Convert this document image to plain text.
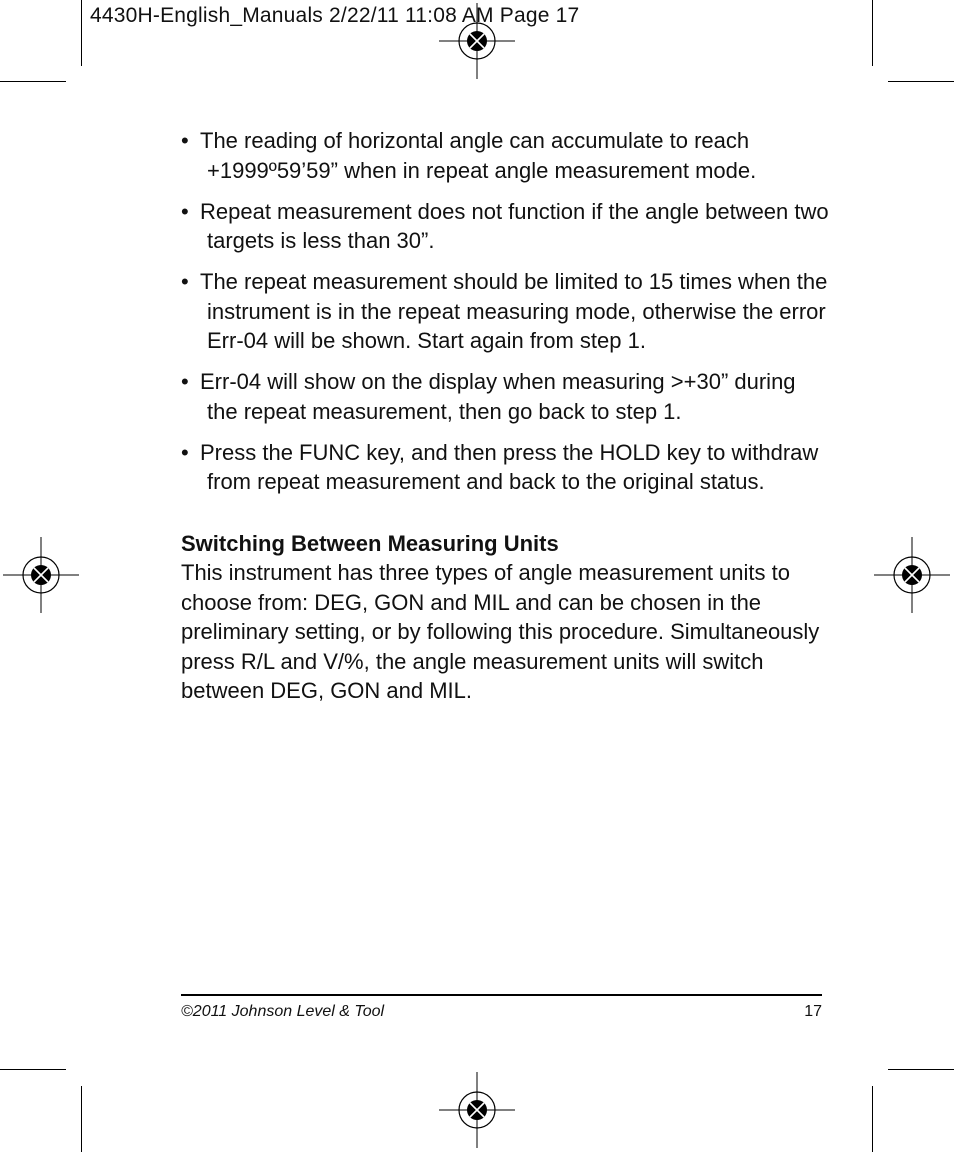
4430H-English_Manuals 2/22/11 11:08 AM Page 17
• The reading of horizontal angle can accumulate to reach +1999º59’59” when in repeat angle measurement mode.
• Repeat measurement does not function if the angle between two targets is less than 30”.
• The repeat measurement should be limited to 15 times when the instrument is in the repeat measuring mode, otherwise the error Err-04 will be shown. Start again from step 1.
• Err-04 will show on the display when measuring >+30” during the repeat measurement, then go back to step 1.
• Press the FUNC key, and then press the HOLD key to withdraw from repeat measurement and back to the original status.
Switching Between Measuring Units

This instrument has three types of angle measurement units to choose from: DEG, GON and MIL and can be chosen in the preliminary setting, or by following this procedure. Simultaneously press R/L and V/%, the angle measurement units will switch between DEG, GON and MIL.

©2011 Johnson Level & Tool	17
